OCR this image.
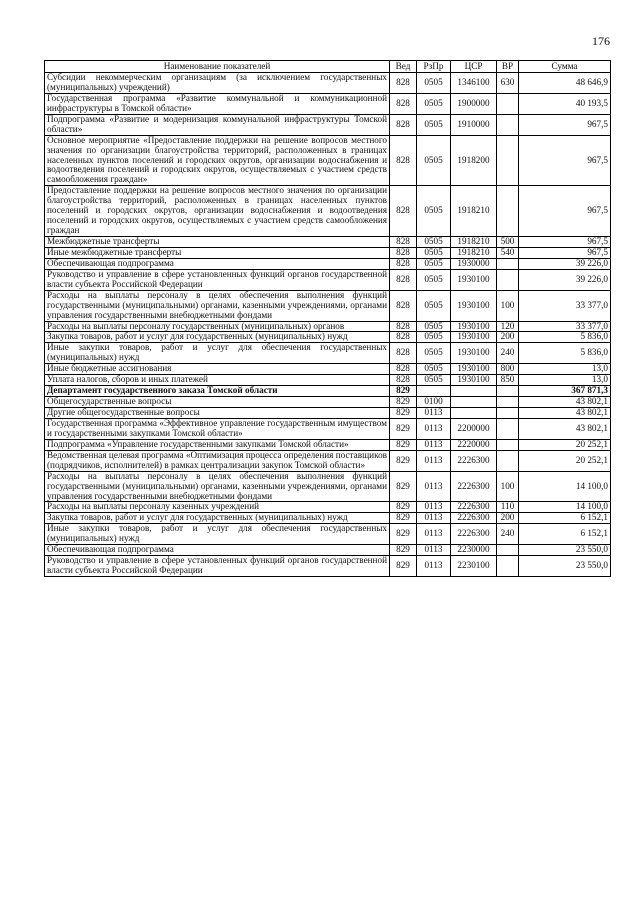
176
Наименование показателей	Вед	РзПр	ЦСР	ВР	Сумма
Субсидии некоммерческим организациям (за исключением государственных (муниципальных) учреждений)	828	0505	1346100	630	48 646,9
Государственная программа «Развитие коммунальной и коммуникационной инфраструктуры в Томской области»	828	0505	1900000		40 193,5
Подпрограмма «Развитие и модернизация коммунальной инфраструктуры Томской области»	828	0505	1910000		967,5
Основное мероприятие «Предоставление поддержки на решение вопросов местного значения по организации благоустройства территорий, расположенных в границах населенных пунктов поселений и городских округов, организации водоснабжения и водоотведения поселений и городских округов, осуществляемых с участием средств самообложения граждан»	828	0505	1918200		967,5
Предоставление поддержки на решение вопросов местного значения по организации благоустройства территорий, расположенных в границах населенных пунктов поселений и городских округов, организации водоснабжения и водоотведения поселений и городских округов, осуществляемых с участием средств самообложения граждан	828	0505	1918210		967,5
Межбюджетные трансферты	828	0505	1918210	500	967,5
Иные межбюджетные трансферты	828	0505	1918210	540	967,5
Обеспечивающая подпрограмма	828	0505	1930000		39 226,0
Руководство и управление в сфере установленных функций органов государственной власти субъекта Российской Федерации	828	0505	1930100		39 226,0
Расходы на выплаты персоналу в целях обеспечения выполнения функций государственными (муниципальными) органами, казенными учреждениями, органами управления государственными внебюджетными фондами	828	0505	1930100	100	33 377,0
Расходы на выплаты персоналу государственных (муниципальных) органов	828	0505	1930100	120	33 377,0
Закупка товаров, работ и услуг для государственных (муниципальных) нужд	828	0505	1930100	200	5 836,0
Иные закупки товаров, работ и услуг для обеспечения государственных (муниципальных) нужд	828	0505	1930100	240	5 836,0
Иные бюджетные ассигнования	828	0505	1930100	800	13,0
Уплата налогов, сборов и иных платежей	828	0505	1930100	850	13,0
Департамент государственного заказа Томской области	829				367 871,3
Общегосударственные вопросы	829	0100			43 802,1
Другие общегосударственные вопросы	829	0113			43 802,1
Государственная программа «Эффективное управление государственным имуществом и государственными закупками Томской области»	829	0113	2200000		43 802,1
Подпрограмма «Управление государственными закупками Томской области»	829	0113	2220000		20 252,1
Ведомственная целевая программа «Оптимизация процесса определения поставщиков (подрядчиков, исполнителей) в рамках централизации закупок Томской области»	829	0113	2226300		20 252,1
Расходы на выплаты персоналу в целях обеспечения выполнения функций государственными (муниципальными) органами, казенными учреждениями, органами управления государственными внебюджетными фондами	829	0113	2226300	100	14 100,0
Расходы на выплаты персоналу казенных учреждений	829	0113	2226300	110	14 100,0
Закупка товаров, работ и услуг для государственных (муниципальных) нужд	829	0113	2226300	200	6 152,1
Иные закупки товаров, работ и услуг для обеспечения государственных (муниципальных) нужд	829	0113	2226300	240	6 152,1
Обеспечивающая подпрограмма	829	0113	2230000		23 550,0
Руководство и управление в сфере установленных функций органов государственной власти субъекта Российской Федерации	829	0113	2230100		23 550,0
